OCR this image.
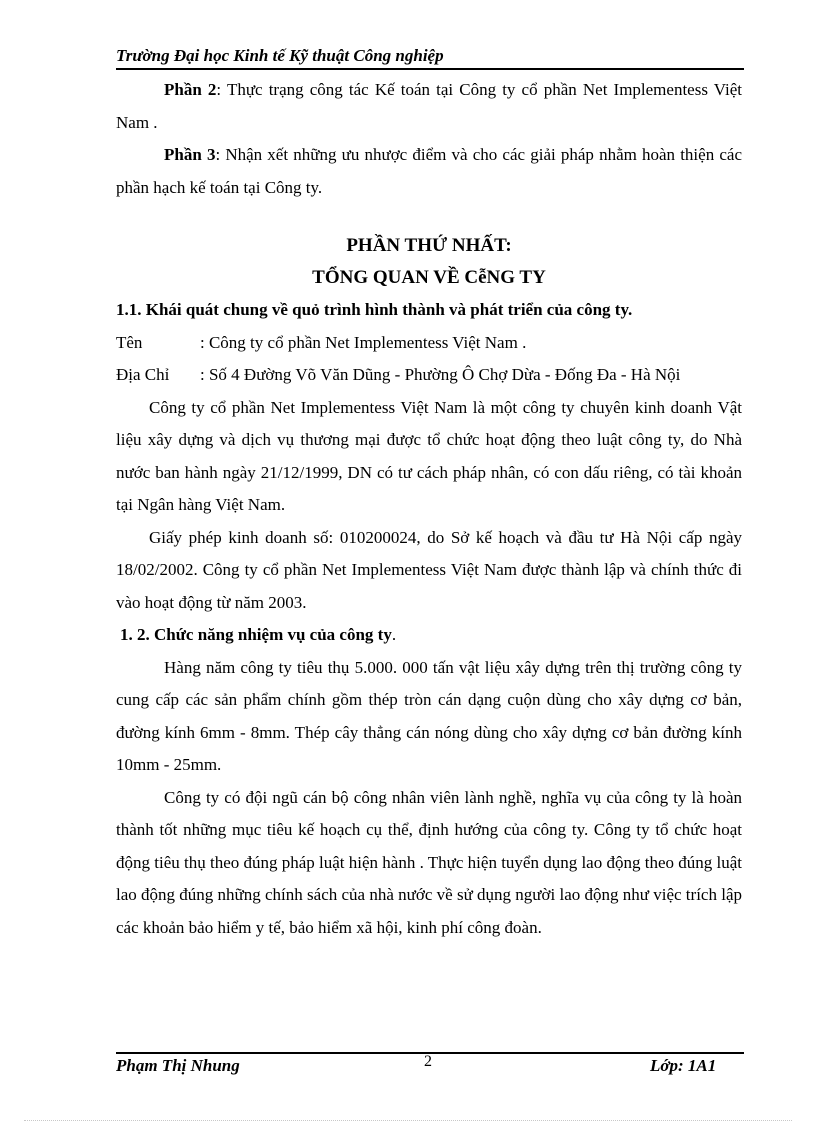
Trường Đại học Kinh tế Kỹ thuật Công nghiệp

Phần 2: Thực trạng công tác Kế toán tại Công ty cổ phần Net Implementess Việt Nam .

Phần 3: Nhận xết những ưu nhược điểm và cho các giải pháp nhằm hoàn thiện các phần hạch kế toán tại Công ty.

PHẦN THỨ NHẤT:

TỔNG QUAN VỀ CễNG TY

1.1. Khái quát chung về quỏ trình hình thành và phát triển của công ty.

Tên	: Công ty cổ phần Net Implementess Việt Nam .

Địa Chỉ	: Số 4 Đường Võ Văn Dũng - Phường Ô Chợ Dừa - Đống Đa - Hà Nội

Công ty cổ phần Net Implementess Việt Nam là một công ty chuyên kinh doanh Vật liệu xây dựng và dịch vụ thương mại được tổ chức hoạt động theo luật công ty, do Nhà nước ban hành ngày 21/12/1999, DN có tư cách pháp nhân, có con dấu riêng, có tài khoản tại Ngân hàng Việt Nam.

Giấy phép kinh doanh số: 010200024, do Sở kế hoạch và đầu tư Hà Nội cấp ngày 18/02/2002. Công ty cổ phần Net Implementess Việt Nam được thành lập và chính thức đi vào hoạt động từ năm 2003.

1. 2. Chức năng nhiệm vụ của công ty.

Hàng năm công ty tiêu thụ 5.000. 000 tấn vật liệu xây dựng trên thị trường công ty cung cấp các sản phẩm chính gồm thép tròn cán dạng cuộn dùng cho xây dựng cơ bản, đường kính 6mm - 8mm. Thép cây thẳng cán nóng dùng cho xây dựng cơ bản đường kính 10mm - 25mm.

Công ty có đội ngũ cán bộ công nhân viên lành nghề, nghĩa vụ của công ty là hoàn thành tốt những mục tiêu kế hoạch cụ thể, định hướng của công ty. Công ty tổ chức hoạt động tiêu thụ theo đúng pháp luật hiện hành . Thực hiện tuyển dụng lao động theo đúng luật lao động đúng những chính sách của nhà nước về sử dụng người lao động như việc trích lập các khoản bảo hiểm y tế, bảo hiểm xã hội, kinh phí công đoàn.

Phạm Thị Nhung	2	Lớp: 1A1
